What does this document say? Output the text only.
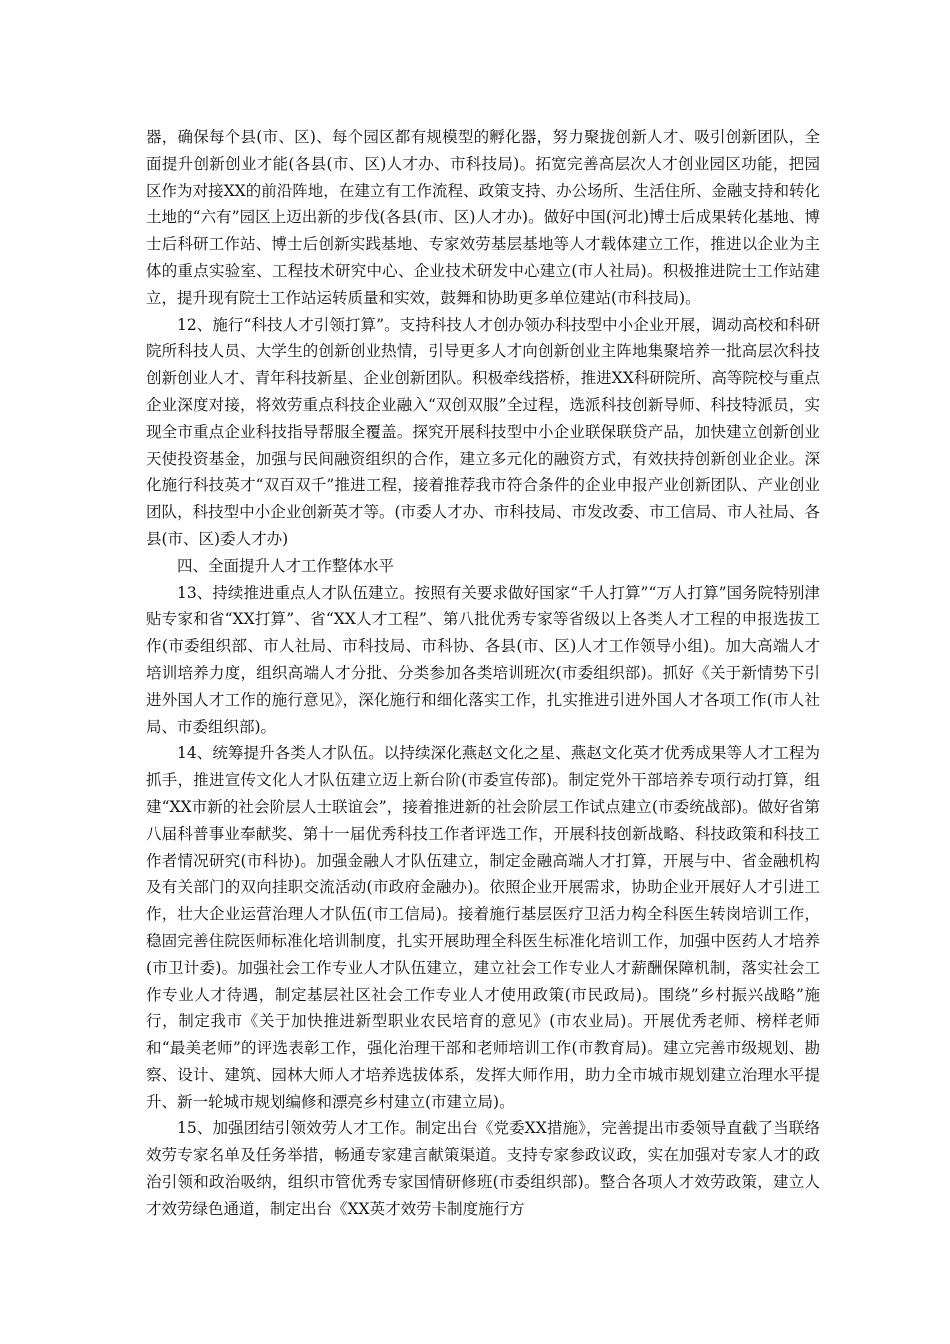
器，确保每个县(市、区)、每个园区都有规模型的孵化器，努力聚拢创新人才、吸引创新团队，全面提升创新创业才能(各县(市、区)人才办、市科技局)。拓宽完善高层次人才创业园区功能，把园区作为对接XX的前沿阵地，在建立有工作流程、政策支持、办公场所、生活住所、金融支持和转化土地的“六有”园区上迈出新的步伐(各县(市、区)人才办)。做好中国(河北)博士后成果转化基地、博士后科研工作站、博士后创新实践基地、专家效劳基层基地等人才载体建立工作，推进以企业为主体的重点实验室、工程技术研究中心、企业技术研发中心建立(市人社局)。积极推进院士工作站建立，提升现有院士工作站运转质量和实效，鼓舞和协助更多单位建站(市科技局)。

12、施行“科技人才引领打算”。支持科技人才创办领办科技型中小企业开展，调动高校和科研院所科技人员、大学生的创新创业热情，引导更多人才向创新创业主阵地集聚培养一批高层次科技创新创业人才、青年科技新星、企业创新团队。积极牵线搭桥，推进XX科研院所、高等院校与重点企业深度对接，将效劳重点科技企业融入“双创双服”全过程，选派科技创新导师、科技特派员，实现全市重点企业科技指导帮服全覆盖。探究开展科技型中小企业联保联贷产品，加快建立创新创业天使投资基金，加强与民间融资组织的合作，建立多元化的融资方式，有效扶持创新创业企业。深化施行科技英才“双百双千”推进工程，接着推荐我市符合条件的企业申报产业创新团队、产业创业团队，科技型中小企业创新英才等。(市委人才办、市科技局、市发改委、市工信局、市人社局、各县(市、区)委人才办)

四、全面提升人才工作整体水平

13、持续推进重点人才队伍建立。按照有关要求做好国家“千人打算”“万人打算”国务院特别津贴专家和省“XX打算”、省“XX人才工程”、第八批优秀专家等省级以上各类人才工程的申报选拔工作(市委组织部、市人社局、市科技局、市科协、各县(市、区)人才工作领导小组)。加大高端人才培训培养力度，组织高端人才分批、分类参加各类培训班次(市委组织部)。抓好《关于新情势下引进外国人才工作的施行意见》，深化施行和细化落实工作，扎实推进引进外国人才各项工作(市人社局、市委组织部)。

14、统筹提升各类人才队伍。以持续深化燕赵文化之星、燕赵文化英才优秀成果等人才工程为抓手，推进宣传文化人才队伍建立迈上新台阶(市委宣传部)。制定党外干部培养专项行动打算，组建“XX市新的社会阶层人士联谊会”，接着推进新的社会阶层工作试点建立(市委统战部)。做好省第八届科普事业奉献奖、第十一届优秀科技工作者评选工作，开展科技创新战略、科技政策和科技工作者情况研究(市科协)。加强金融人才队伍建立，制定金融高端人才打算，开展与中、省金融机构及有关部门的双向挂职交流活动(市政府金融办)。依照企业开展需求，协助企业开展好人才引进工作，壮大企业运营治理人才队伍(市工信局)。接着施行基层医疗卫活力构全科医生转岗培训工作，稳固完善住院医师标准化培训制度，扎实开展助理全科医生标准化培训工作，加强中医药人才培养(市卫计委)。加强社会工作专业人才队伍建立，建立社会工作专业人才薪酬保障机制，落实社会工作专业人才待遇，制定基层社区社会工作专业人才使用政策(市民政局)。围绕”乡村振兴战略”施行，制定我市《关于加快推进新型职业农民培育的意见》(市农业局)。开展优秀老师、榜样老师和“最美老师”的评选表彰工作，强化治理干部和老师培训工作(市教育局)。建立完善市级规划、勘察、设计、建筑、园林大师人才培养选拔体系，发挥大师作用，助力全市城市规划建立治理水平提升、新一轮城市规划编修和漂亮乡村建立(市建立局)。

15、加强团结引领效劳人才工作。制定出台《党委XX措施》，完善提出市委领导直截了当联络效劳专家名单及任务举措，畅通专家建言献策渠道。支持专家参政议政，实在加强对专家人才的政治引领和政治吸纳，组织市管优秀专家国情研修班(市委组织部)。整合各项人才效劳政策，建立人才效劳绿色通道，制定出台《XX英才效劳卡制度施行方
